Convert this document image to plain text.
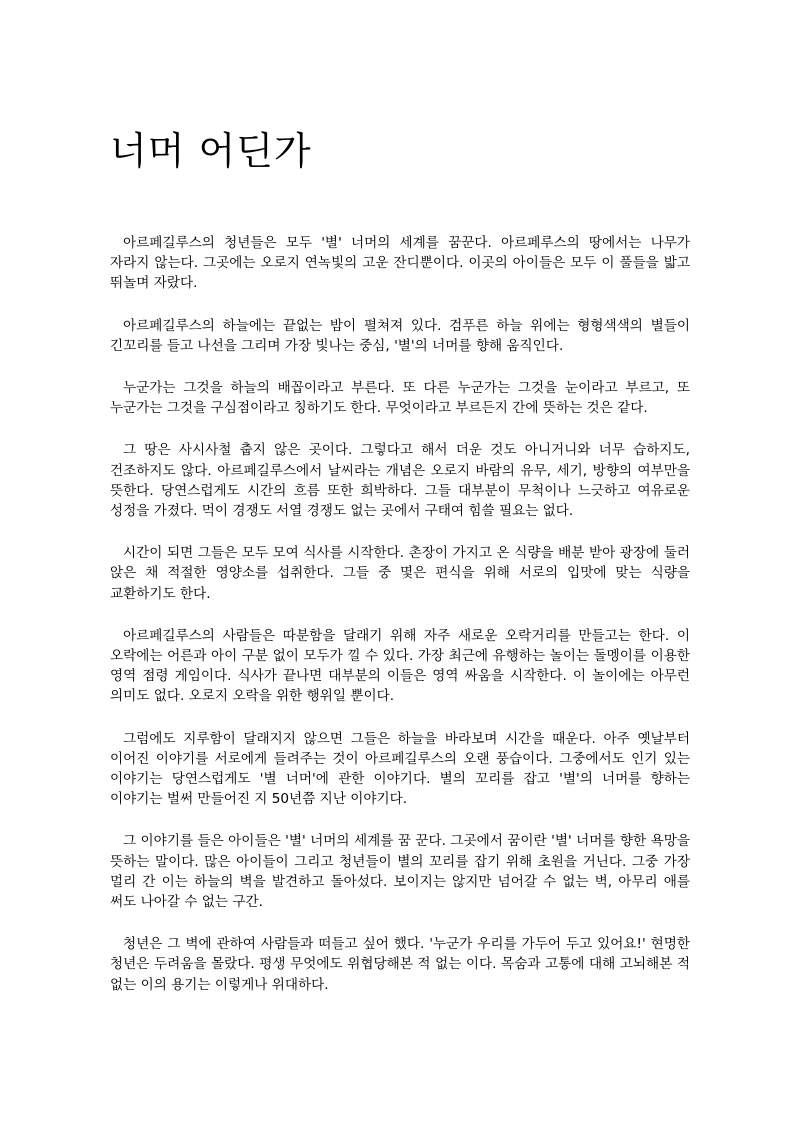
너머 어딘가

아르페길루스의 청년들은 모두 '별' 너머의 세계를 꿈꾼다. 아르페루스의 땅에서는 나무가 자라지 않는다. 그곳에는 오로지 연녹빛의 고운 잔디뿐이다. 이곳의 아이들은 모두 이 풀들을 밟고 뛰놀며 자랐다.

아르페길루스의 하늘에는 끝없는 밤이 펼쳐져 있다. 검푸른 하늘 위에는 형형색색의 별들이 긴꼬리를 들고 나선을 그리며 가장 빛나는 중심, '별'의 너머를 향해 움직인다.

누군가는 그것을 하늘의 배꼽이라고 부른다. 또 다른 누군가는 그것을 눈이라고 부르고, 또 누군가는 그것을 구심점이라고 칭하기도 한다. 무엇이라고 부르든지 간에 뜻하는 것은 같다.

그 땅은 사시사철 춥지 않은 곳이다. 그렇다고 해서 더운 것도 아니거니와 너무 습하지도, 건조하지도 않다. 아르페길루스에서 날씨라는 개념은 오로지 바람의 유무, 세기, 방향의 여부만을 뜻한다. 당연스럽게도 시간의 흐름 또한 희박하다. 그들 대부분이 무척이나 느긋하고 여유로운 성정을 가졌다. 먹이 경쟁도 서열 경쟁도 없는 곳에서 구태여 힘쓸 필요는 없다.

시간이 되면 그들은 모두 모여 식사를 시작한다. 촌장이 가지고 온 식량을 배분 받아 광장에 둘러 앉은 채 적절한 영양소를 섭취한다. 그들 중 몇은 편식을 위해 서로의 입맛에 맞는 식량을 교환하기도 한다.

아르페길루스의 사람들은 따분함을 달래기 위해 자주 새로운 오락거리를 만들고는 한다. 이 오락에는 어른과 아이 구분 없이 모두가 낄 수 있다. 가장 최근에 유행하는 놀이는 돌멩이를 이용한 영역 점령 게임이다. 식사가 끝나면 대부분의 이들은 영역 싸움을 시작한다. 이 놀이에는 아무런 의미도 없다. 오로지 오락을 위한 행위일 뿐이다.

그럼에도 지루함이 달래지지 않으면 그들은 하늘을 바라보며 시간을 때운다. 아주 옛날부터 이어진 이야기를 서로에게 들려주는 것이 아르페길루스의 오랜 풍습이다. 그중에서도 인기 있는 이야기는 당연스럽게도 '별 너머'에 관한 이야기다. 별의 꼬리를 잡고 '별'의 너머를 향하는 이야기는 벌써 만들어진 지 50년쯤 지난 이야기다.

그 이야기를 들은 아이들은 '별' 너머의 세계를 꿈 꾼다. 그곳에서 꿈이란 '별' 너머를 향한 욕망을 뜻하는 말이다. 많은 아이들이 그리고 청년들이 별의 꼬리를 잡기 위해 초원을 거닌다. 그중 가장 멀리 간 이는 하늘의 벽을 발견하고 돌아섰다. 보이지는 않지만 넘어갈 수 없는 벽, 아무리 애를 써도 나아갈 수 없는 구간.

청년은 그 벽에 관하여 사람들과 떠들고 싶어 했다. '누군가 우리를 가두어 두고 있어요!' 현명한 청년은 두려움을 몰랐다. 평생 무엇에도 위협당해본 적 없는 이다. 목숨과 고통에 대해 고뇌해본 적 없는 이의 용기는 이렇게나 위대하다.
